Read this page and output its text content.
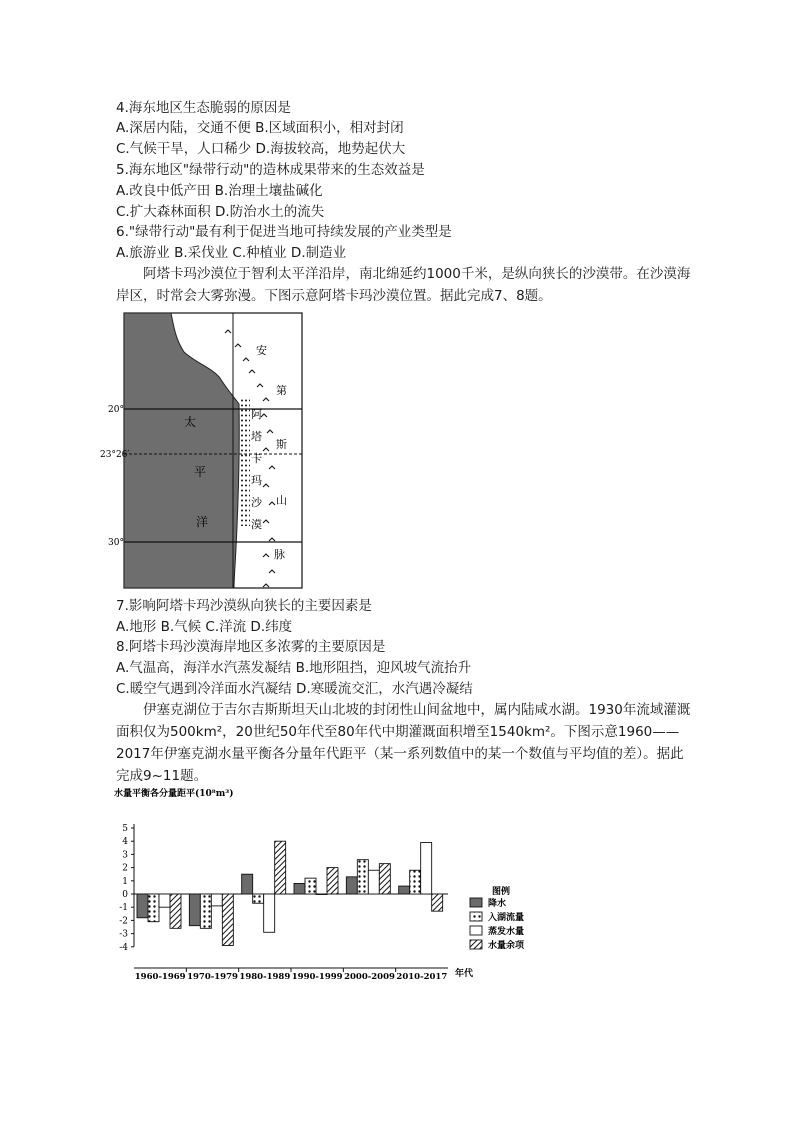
4.海东地区生态脆弱的原因是
A.深居内陆，交通不便 B.区域面积小，相对封闭
C.气候干旱，人口稀少 D.海拔较高，地势起伏大
5.海东地区"绿带行动"的造林成果带来的生态效益是
A.改良中低产田 B.治理土壤盐碱化
C.扩大森林面积 D.防治水土的流失
6."绿带行动"最有利于促进当地可持续发展的产业类型是
A.旅游业 B.采伐业 C.种植业 D.制造业
阿塔卡玛沙漠位于智利太平洋沿岸，南北绵延约1000千米，是纵向狭长的沙漠带。在沙漠海岸区，时常会大雾弥漫。下图示意阿塔卡玛沙漠位置。据此完成7、8题。
20°
23°26′
30°
太
平
洋
阿
塔
卡
玛
沙
漠
安
第
斯
山
脉
7.影响阿塔卡玛沙漠纵向狭长的主要因素是
A.地形 B.气候 C.洋流 D.纬度
8.阿塔卡玛沙漠海岸地区多浓雾的主要原因是
A.气温高，海洋水汽蒸发凝结 B.地形阻挡，迎风坡气流抬升
C.暖空气遇到冷洋面水汽凝结 D.寒暖流交汇，水汽遇冷凝结
伊塞克湖位于吉尔吉斯斯坦天山北坡的封闭性山间盆地中，属内陆咸水湖。1930年流域灌溉面积仅为500km²，20世纪50年代至80年代中期灌溉面积增至1540km²。下图示意1960——2017年伊塞克湖水量平衡各分量年代距平（某一系列数值中的某一个数值与平均值的差）。据此完成9~11题。
水量平衡各分量距平(10⁸m³)
年代
5
4
3
2
1
0
-1
-2
-3
-4
1960-1969 1970-1979 1980-1989 1990-1999 2000-2009 2010-2017
图例
降水
入湖流量
蒸发水量
水量余项
